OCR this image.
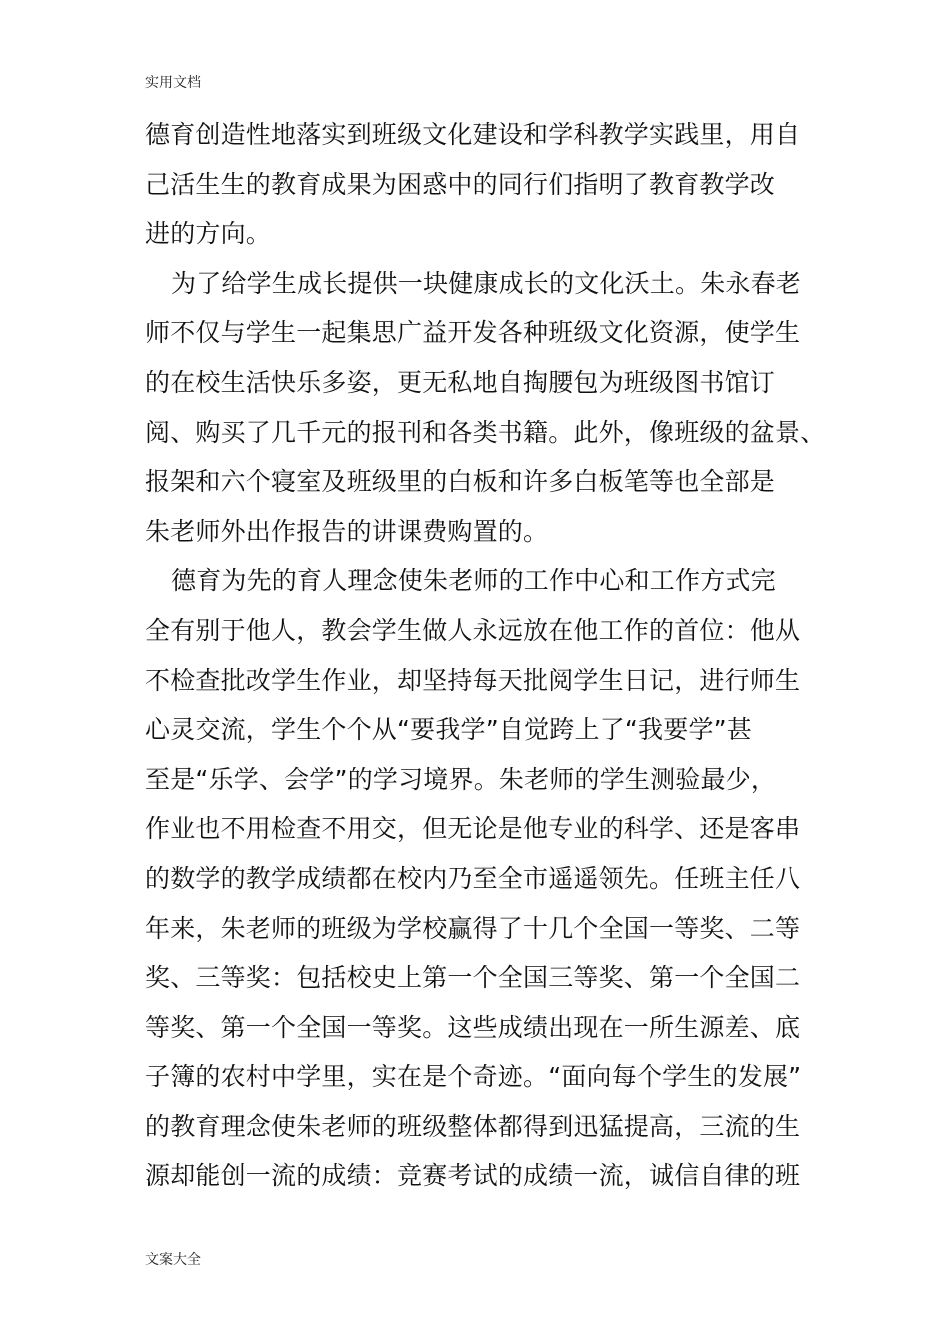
实用文档
德育创造性地落实到班级文化建设和学科教学实践里，用自
己活生生的教育成果为困惑中的同行们指明了教育教学改
进的方向。
为了给学生成长提供一块健康成长的文化沃土。朱永春老
师不仅与学生一起集思广益开发各种班级文化资源，使学生
的在校生活快乐多姿，更无私地自掏腰包为班级图书馆订
阅、购买了几千元的报刊和各类书籍。此外，像班级的盆景、
报架和六个寝室及班级里的白板和许多白板笔等也全部是
朱老师外出作报告的讲课费购置的。
德育为先的育人理念使朱老师的工作中心和工作方式完
全有别于他人，教会学生做人永远放在他工作的首位：他从
不检查批改学生作业，却坚持每天批阅学生日记，进行师生
心灵交流，学生个个从“要我学”自觉跨上了“我要学”甚
至是“乐学、会学”的学习境界。朱老师的学生测验最少，
作业也不用检查不用交，但无论是他专业的科学、还是客串
的数学的教学成绩都在校内乃至全市遥遥领先。任班主任八
年来，朱老师的班级为学校赢得了十几个全国一等奖、二等
奖、三等奖：包括校史上第一个全国三等奖、第一个全国二
等奖、第一个全国一等奖。这些成绩出现在一所生源差、底
子簿的农村中学里，实在是个奇迹。“面向每个学生的发展”
的教育理念使朱老师的班级整体都得到迅猛提高，三流的生
源却能创一流的成绩：竞赛考试的成绩一流，诚信自律的班
文案大全
